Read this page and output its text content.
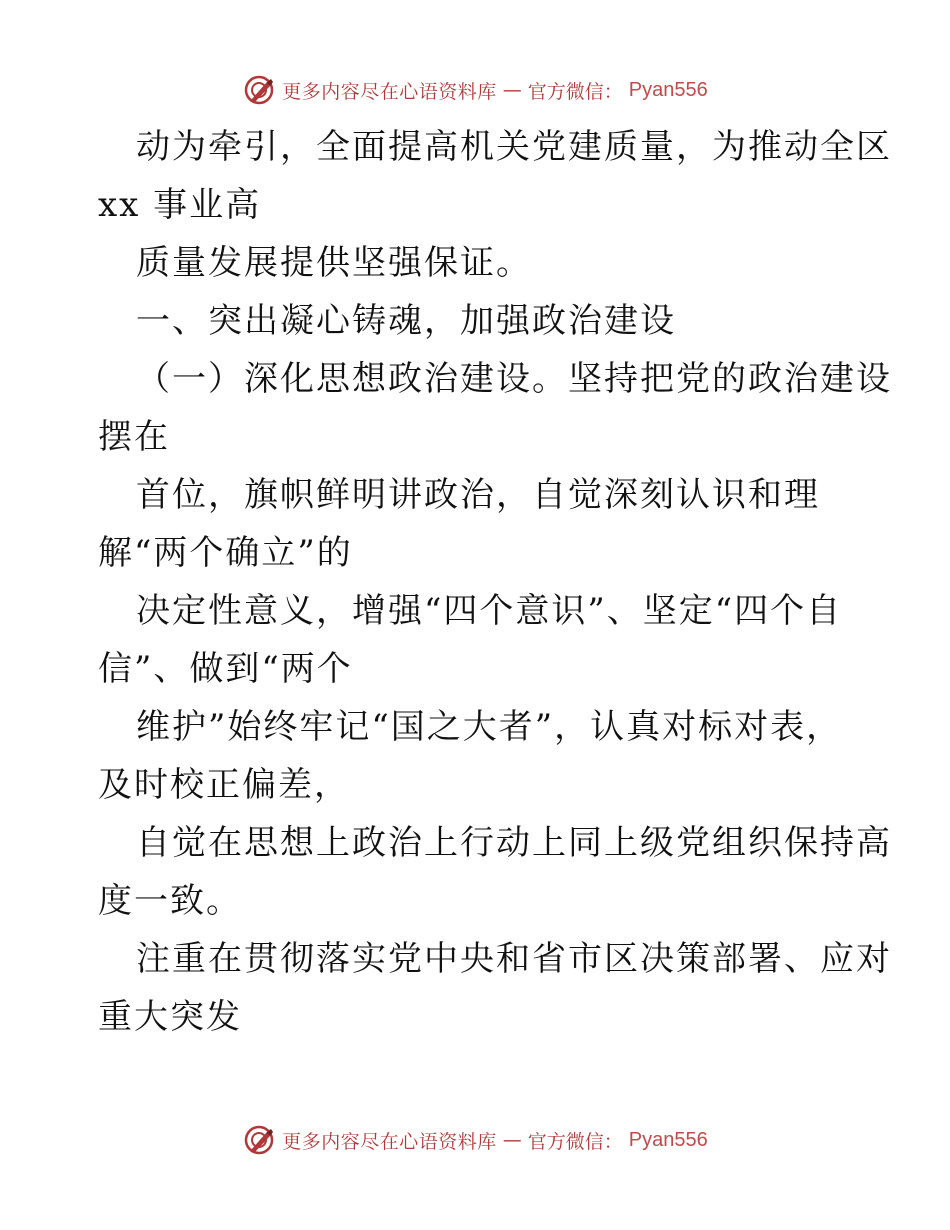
更多内容尽在心语资料库 — 官方微信： Pyan556
动为牵引，全面提高机关党建质量，为推动全区
xx 事业高
质量发展提供坚强保证。
一、突出凝心铸魂，加强政治建设
（一）深化思想政治建设。坚持把党的政治建设
摆在
首位，旗帜鲜明讲政治，自觉深刻认识和理
解“两个确立”的
决定性意义，增强“四个意识”、坚定“四个自
信”、做到“两个
维护”始终牢记“国之大者”，认真对标对表，
及时校正偏差，
自觉在思想上政治上行动上同上级党组织保持高
度一致。
注重在贯彻落实党中央和省市区决策部署、应对
重大突发
更多内容尽在心语资料库 — 官方微信： Pyan556
